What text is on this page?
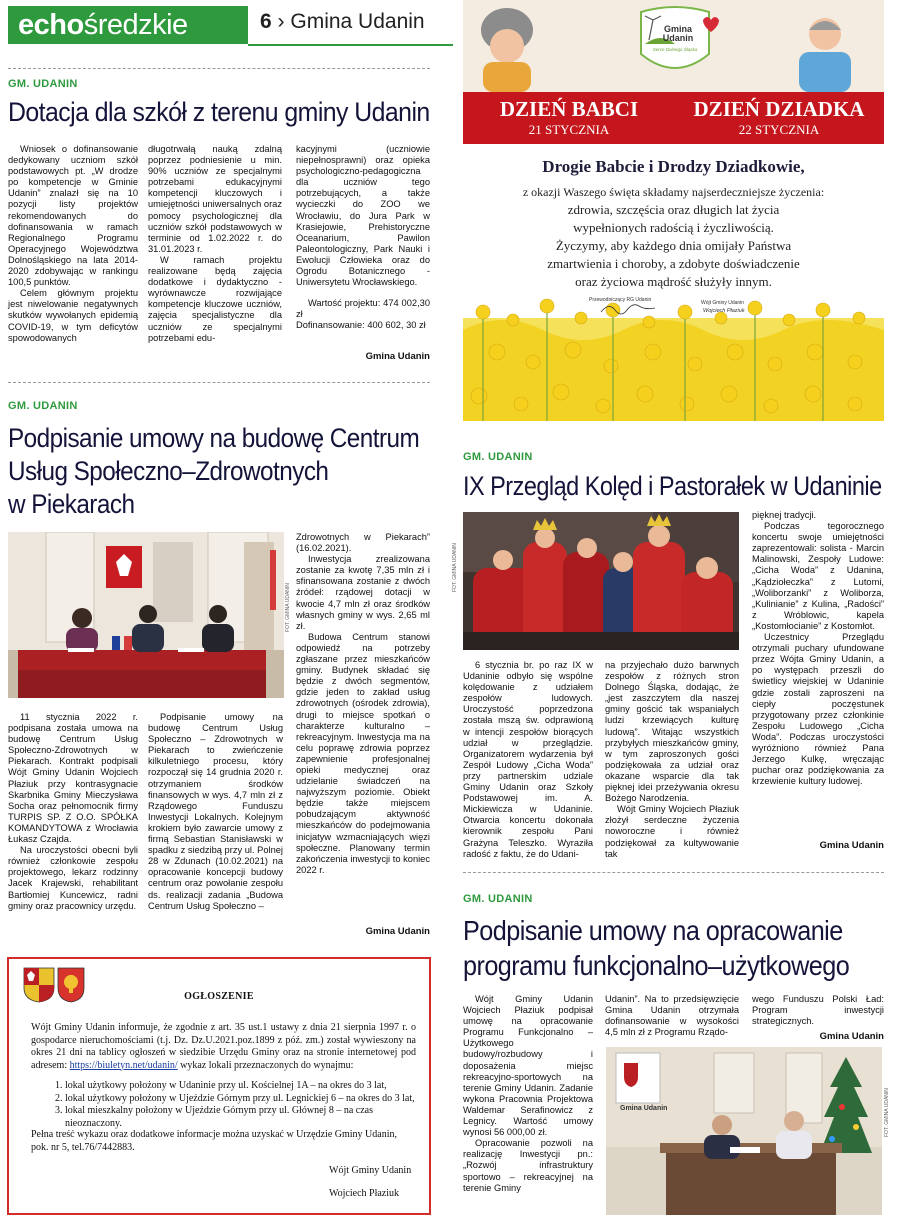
echo średzkie	6 › Gmina Udanin
GM. UDANIN
Dotacja dla szkół z terenu gminy Udanin

Wniosek o dofinansowanie dedykowany uczniom szkół podstawowych pt. „W drodze po kompetencje w Gminie Udanin” znalazł się na 10 pozycji listy projektów rekomendowanych do dofinansowania w ramach Regionalnego Programu Operacyjnego Województwa Dolnośląskiego na lata 2014-2020 zdobywając w rankingu 100,5 punktów.

Celem głównym projektu jest niwelowanie negatywnych skutków wywołanych epidemią COVID-19, w tym deficytów spowodowanych

długotrwałą nauką zdalną poprzez podniesienie u min. 90% uczniów ze specjalnymi potrzebami edukacyjnymi kompetencji kluczowych i umiejętności uniwersalnych oraz pomocy psychologicznej dla uczniów szkół podstawowych w terminie od 1.02.2022 r. do 31.01.2023 r.

W ramach projektu realizowane będą zajęcia dodatkowe i dydaktyczno - wyrównawcze rozwijające kompetencje kluczowe uczniów, zajęcia specjalistyczne dla uczniów ze specjalnymi potrzebami edu-

kacyjnymi (uczniowie niepełnosprawni) oraz opieka psychologiczno-pedagogiczna dla uczniów tego potrzebujących, a także wycieczki do ZOO we Wrocławiu, do Jura Park w Krasiejowie, Prehistoryczne Oceanarium, Pawilon Paleontologiczny, Park Nauki i Ewolucji Człowieka oraz do Ogrodu Botanicznego - Uniwersytetu Wrocławskiego.

Wartość projektu: 474 002,30 zł

Dofinansowanie: 400 602, 30 zł

Gmina Udanin
GM. UDANIN
Podpisanie umowy na budowę Centrum
Usług Społeczno–Zdrowotnych
w Piekarach
FOT. GMINA UDANIN

11 stycznia 2022 r. podpisana została umowa na budowę Centrum Usług Społeczno-Zdrowotnych w Piekarach. Kontrakt podpisali Wójt Gminy Udanin Wojciech Płaziuk przy kontrasygnacie Skarbnika Gminy Mieczysława Socha oraz pełnomocnik firmy TURPIS SP. Z O.O. SPÓŁKA KOMANDYTOWA z Wrocławia Łukasz Czajda.

Na uroczystości obecni byli również członkowie zespołu projektowego, lekarz rodzinny Jacek Krajewski, rehabilitant Bartłomiej Kuncewicz, radni gminy oraz pracownicy urzędu.

Podpisanie umowy na budowę Centrum Usług Społeczno – Zdrowotnych w Piekarach to zwieńczenie kilkuletniego procesu, który rozpoczął się 14 grudnia 2020 r. otrzymaniem środków finansowych w wys. 4,7 mln zł z Rządowego Funduszu Inwestycji Lokalnych. Kolejnym krokiem było zawarcie umowy z firmą Sebastian Stanisławski w spadku z siedzibą przy ul. Polnej 28 w Zdunach (10.02.2021) na opracowanie koncepcji budowy centrum oraz powołanie zespołu ds. realizacji zadania „Budowa Centrum Usług Społeczno –

Zdrowotnych w Piekarach” (16.02.2021).

Inwestycja zrealizowana zostanie za kwotę 7,35 mln zł i sfinansowana zostanie z dwóch źródeł: rządowej dotacji w kwocie 4,7 mln zł oraz środków własnych gminy w wys. 2,65 ml zł.

Budowa Centrum stanowi odpowiedź na potrzeby zgłaszane przez mieszkańców gminy. Budynek składać się będzie z dwóch segmentów, gdzie jeden to zakład usług zdrowotnych (ośrodek zdrowia), drugi to miejsce spotkań o charakterze kulturalno – rekreacyjnym. Inwestycja ma na celu poprawę zdrowia poprzez zapewnienie profesjonalnej opieki medycznej oraz udzielanie świadczeń na najwyższym poziomie. Obiekt będzie także miejscem pobudzającym aktywność mieszkańców do podejmowania inicjatyw wzmacniających więzi społeczne. Planowany termin zakończenia inwestycji to koniec 2022 r.

Gmina Udanin
OGŁOSZENIE
Wójt Gminy Udanin informuje, że zgodnie z art. 35 ust.1 ustawy z dnia 21 sierpnia 1997 r. o gospodarce nieruchomościami (t.j. Dz. Dz.U.2021.poz.1899 z póź. zm.) został wywieszony na okres 21 dni na tablicy ogłoszeń w siedzibie Urzędu Gminy oraz na stronie internetowej pod adresem: https://biuletyn.net/udanin/ wykaz lokali przeznaczonych do wynajmu:
1. lokal użytkowy położony w Udaninie przy ul. Kościelnej 1A – na okres do 3 lat,
2. lokal użytkowy położony w Ujeździe Górnym przy ul. Legnickiej 6 – na okres do 3 lat,
3. lokal mieszkalny położony w Ujeździe Górnym przy ul. Głównej 8 – na czas nieoznaczony.
Pełna treść wykazu oraz dodatkowe informacje można uzyskać w Urzędzie Gminy Udanin, pok. nr 5, tel.76/7442883.
Wójt Gminy Udanin
Wojciech Płaziuk
Gmina
Udanin
Serce Dolnego Śląska
DZIEŃ BABCI
21 STYCZNIA
DZIEŃ DZIADKA
22 STYCZNIA
Drogie Babcie i Drodzy Dziadkowie,
z okazji Waszego święta składamy najserdeczniejsze życzenia:
zdrowia, szczęścia oraz długich lat życia
wypełnionych radością i życzliwością.
Życzymy, aby każdego dnia omijały Państwa
zmartwienia i choroby, a zdobyte doświadczenie
oraz życiowa mądrość służyły innym.
Przewodniczący RG Udanin	Wójt Gminy Udanin
Wojciech Płaziuk
GM. UDANIN
IX Przegląd Kolęd i Pastorałek w Udaninie
FOT. GMINA UDANIN

6 stycznia br. po raz IX w Udaninie odbyło się wspólne kolędowanie z udziałem zespołów ludowych. Uroczystość poprzedzona została mszą św. odprawioną w intencji zespołów biorących udział w przeglądzie. Organizatorem wydarzenia był Zespół Ludowy „Cicha Woda” przy partnerskim udziale Gminy Udanin oraz Szkoły Podstawowej im. A. Mickiewicza w Udaninie. Otwarcia koncertu dokonała kierownik zespołu Pani Grażyna Teleszko. Wyraziła radość z faktu, że do Udani-

na przyjechało dużo barwnych zespołów z różnych stron Dolnego Śląska, dodając, że „jest zaszczytem dla naszej gminy gościć tak wspaniałych ludzi krzewiących kulturę ludową”. Witając wszystkich przybyłych mieszkańców gminy, w tym zaproszonych gości podziękowała za udział oraz okazane wsparcie dla tak pięknej idei przeżywania okresu Bożego Narodzenia.

Wójt Gminy Wojciech Płaziuk złożył serdeczne życzenia noworoczne i również podziękował za kultywowanie tak

pięknej tradycji.

Podczas tegorocznego koncertu swoje umiejętności zaprezentowali: solista - Marcin Malinowski, Zespoły Ludowe: „Cicha Woda” z Udanina, „Kądziołeczka” z Lutomi, „Woliborzanki” z Woliborza, „Kulinianie” z Kulina, „Radości” z Wróblowic, kapela „Kostomłocianie” z Kostomłot.

Uczestnicy Przeglądu otrzymali puchary ufundowane przez Wójta Gminy Udanin, a po występach przeszli do świetlicy wiejskiej w Udaninie gdzie zostali zaproszeni na ciepły poczęstunek przygotowany przez członkinie Zespołu Ludowego „Cicha Woda”. Podczas uroczystości wyróżniono również Pana Jerzego Kulkę, wręczając puchar oraz podziękowania za krzewienie kultury ludowej.

Gmina Udanin
GM. UDANIN
Podpisanie umowy na opracowanie
programu funkcjonalno–użytkowego

Wójt Gminy Udanin Wojciech Płaziuk podpisał umowę na opracowanie Programu Funkcjonalno – Użytkowego budowy/rozbudowy i doposażenia miejsc rekreacyjno-sportowych na terenie Gminy Udanin. Zadanie wykona Pracownia Projektowa Waldemar Serafinowicz z Legnicy. Wartość umowy wynosi 56 000,00 zł.

Opracowanie pozwoli na realizację Inwestycji pn.: „Rozwój infrastruktury sportowo – rekreacyjnej na terenie Gminy

Udanin”. Na to przedsięwzięcie Gmina Udanin otrzymała dofinansowanie w wysokości 4,5 mln zł z Programu Rządo-

wego Funduszu Polski Ład: Program inwestycji strategicznych.

Gmina Udanin
Gmina Udanin	FOT. GMINA UDANIN
